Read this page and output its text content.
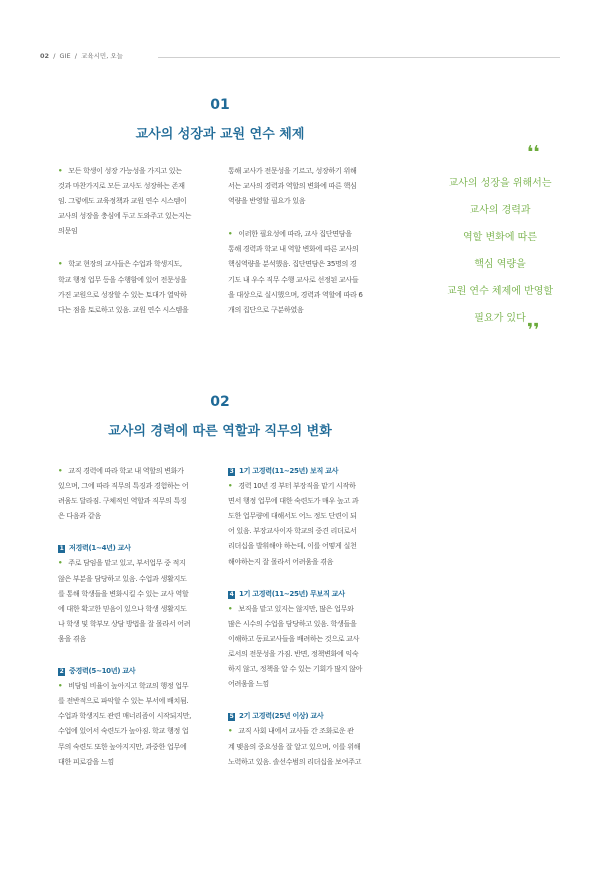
02 / GIE / 교육시민, 오늘
01
교사의 성장과 교원 연수 체제

• 모든 학생이 성장 가능성을 가지고 있는

것과 마찬가지로 모든 교사도 성장하는 존재

임. 그렇에도 교육정책과 교원 연수 시스템이

교사의 성장을 충심에 두고 도와주고 있는지는

의문임

• 학교 현장의 교사들은 수업과 학생지도,

학교 행정 업무 등을 수행함에 있어 전문성을

가진 교원으로 성장할 수 있는 토대가 열악하

다는 점을 토로하고 있음. 교원 연수 시스템을

통해 교사가 전문성을 기르고, 성장하기 위해

서는 교사의 경력과 역할의 변화에 따른 핵심

역량을 반영할 필요가 있음

• 이러한 필요성에 따라, 교사 집단면담을

통해 경력과 학교 내 역할 변화에 따른 교사의

핵심역량을 분석했음. 집단면담은 35명의 경

기도 내 우수 직무 수행 교사로 선정된 교사들

을 대상으로 실시했으며, 경력과 역할에 따라 6

개의 집단으로 구분하였음

❛❛

교사의 성장을 위해서는

교사의 경력과

역할 변화에 따른

핵심 역량을

교원 연수 체제에 반영할

필요가 있다

❜❜
02
교사의 경력에 따른 역할과 직무의 변화

• 교직 경력에 따라 학교 내 역할의 변화가

있으며, 그에 따라 직무의 특징과 경험하는 어

려움도 달라짐. 구체적인 역할과 직무의 특징

은 다음과 같음

1 저경력(1~4년) 교사

• 주로 담임을 맡고 있고, 부서업무 중 적지

않은 부분을 담당하고 있음. 수업과 생활지도

를 통해 학생들을 변화시킬 수 있는 교사 역할

에 대한 확고한 믿음이 있으나 학생 생활지도

나 학생 및 학부모 상담 방법을 잘 몰라서 어려

움을 겪음

2 중경력(5~10년) 교사

• 비담임 비율이 높아지고 학교의 행정 업무

를 전반적으로 파악할 수 있는 부서에 배치됨.

수업과 학생지도 관련 매너리즘이 시작되지만,

수업에 있어서 숙련도가 높아짐. 학교 행정 업

무의 숙련도 또한 높아지지만, 과중한 업무에

대한 피로감을 느낌

3 1기 고경력(11~25년) 보직 교사

• 경력 10년 경 부터 부장직을 맡기 시작하

면서 행정 업무에 대한 숙련도가 매우 높고 과

도한 업무량에 대해서도 어느 정도 단련이 되

어 있음. 부장교사이자 학교의 중견 리더로서

리더십을 발휘해야 하는데, 이를 어떻게 실천

해야하는지 잘 몰라서 어려움을 겪음

4 1기 고경력(11~25년) 무보직 교사

• 보직을 맡고 있지는 않지만, 많은 업무와

많은 시수의 수업을 담당하고 있음. 학생들을

이해하고 동료교사들을 배려하는 것으로 교사

로서의 전문성을 가짐. 반면, 정책변화에 익숙

하지 않고, 정책을 알 수 있는 기회가 많지 않아

어려움을 느낌

5 2기 고경력(25년 이상) 교사

• 교직 사회 내에서 교사들 간 조화로운 관

계 맺음의 중요성을 잘 알고 있으며, 이를 위해

노력하고 있음. 솔선수범의 리더십을 보여주고
